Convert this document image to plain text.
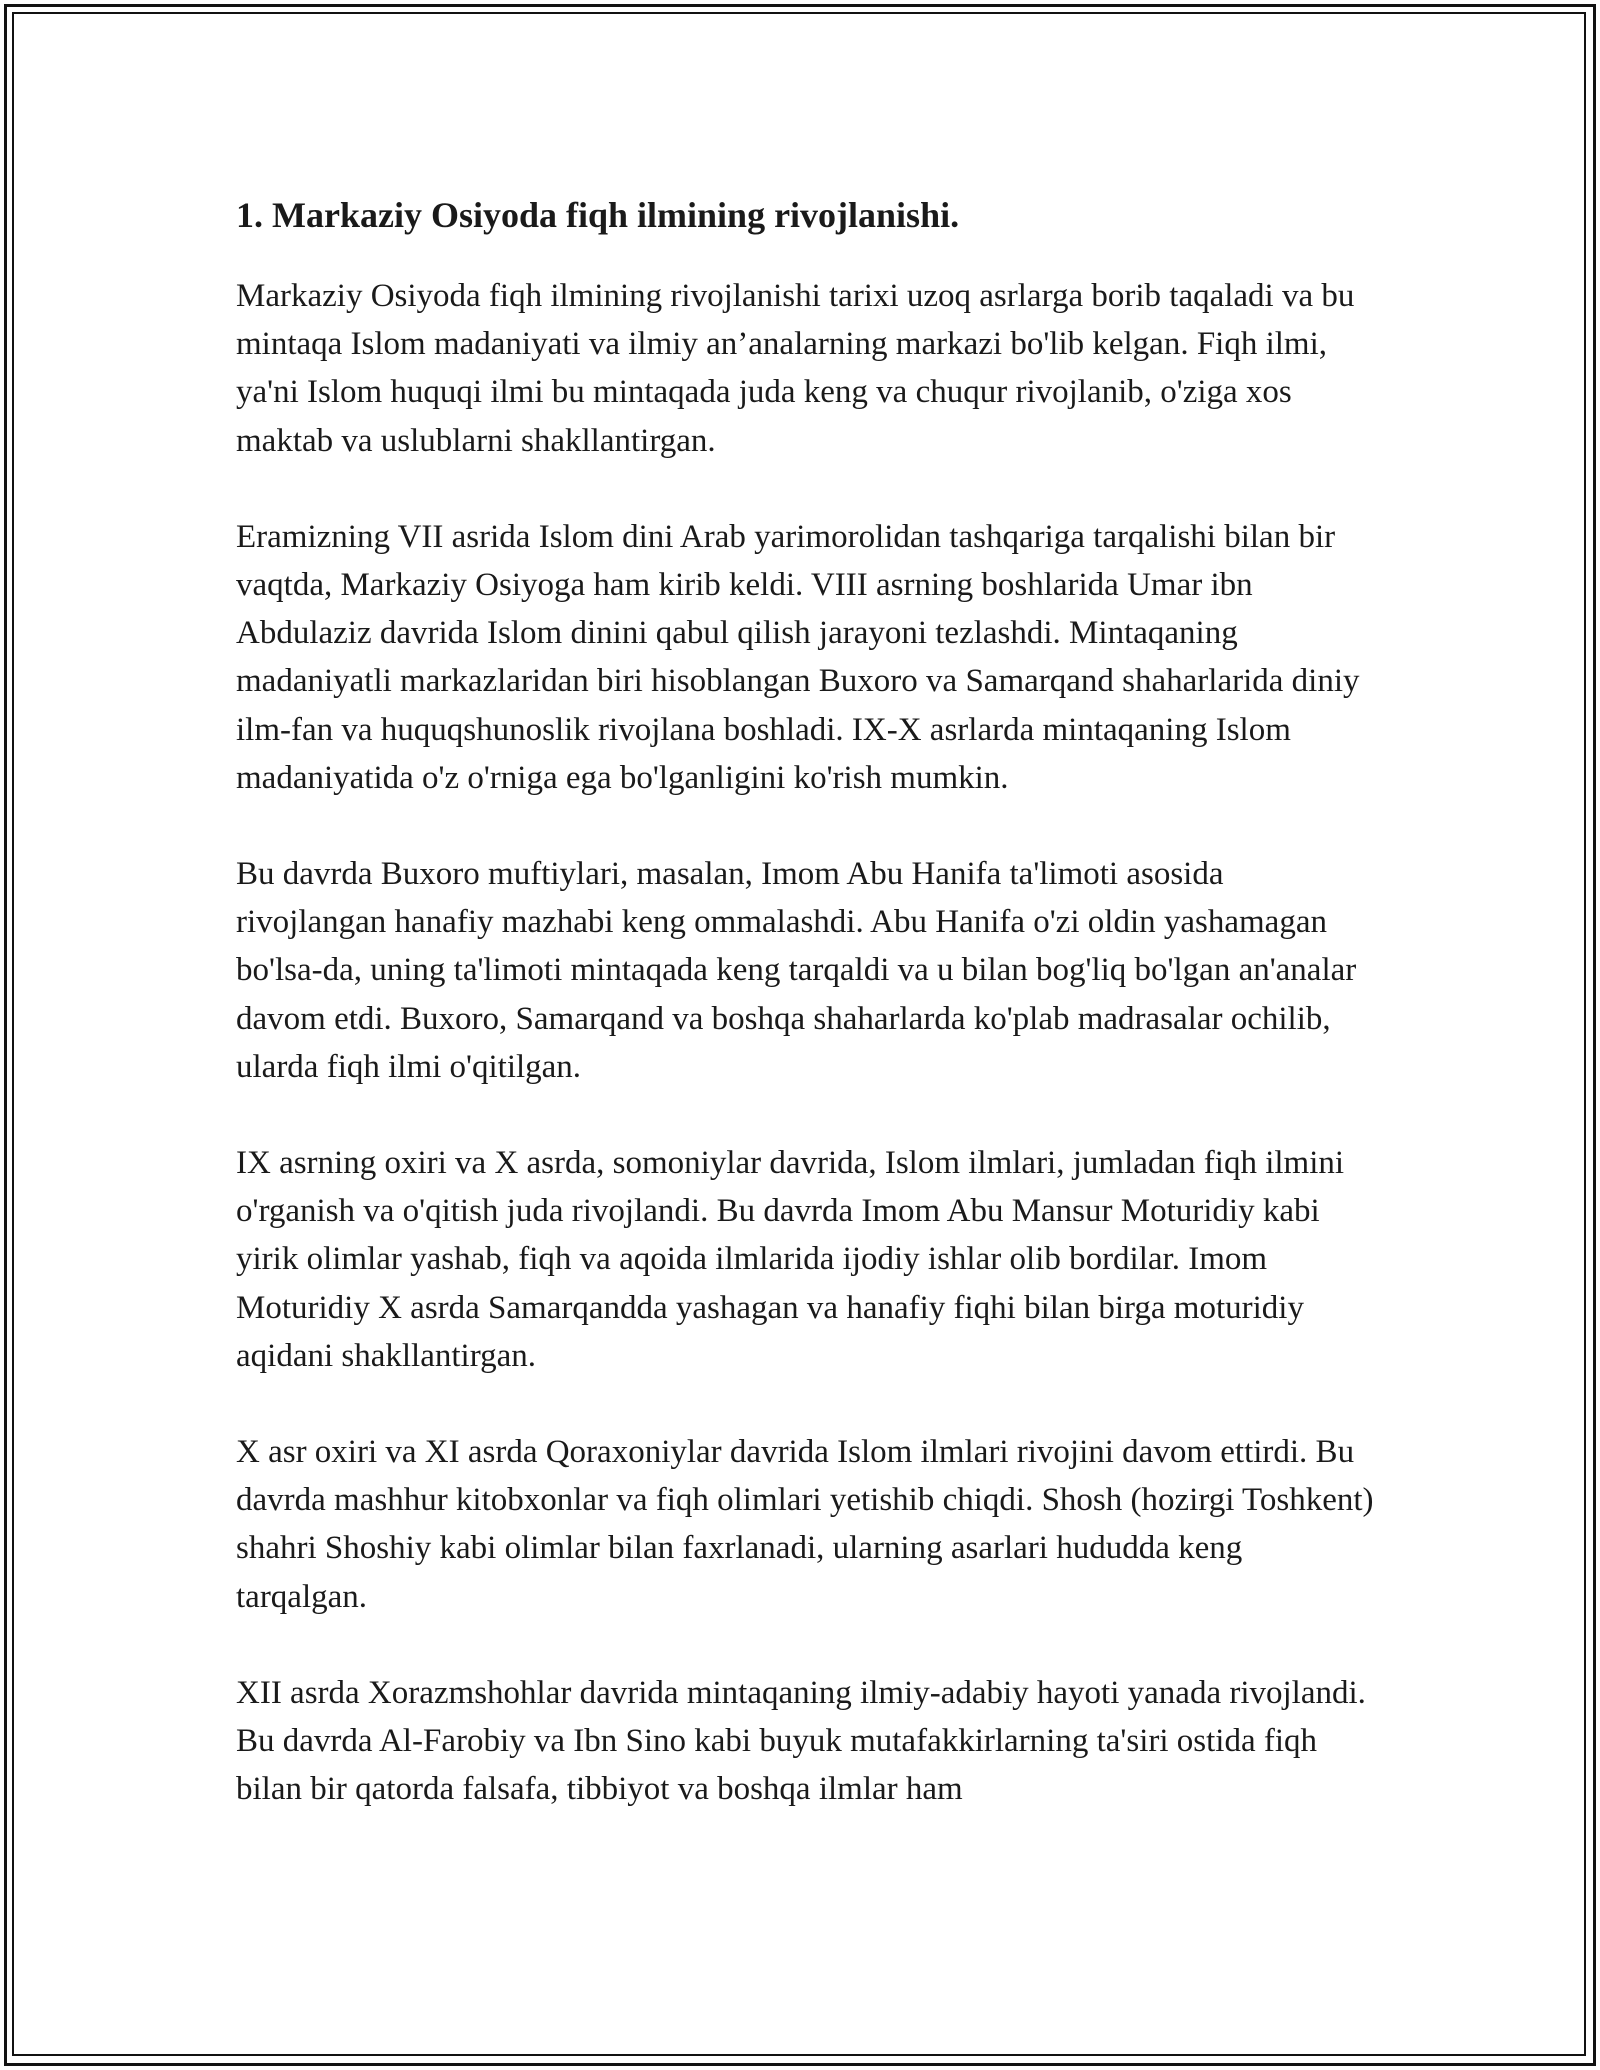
1. Markaziy Osiyoda fiqh ilmining rivojlanishi.

Markaziy Osiyoda fiqh ilmining rivojlanishi tarixi uzoq asrlarga borib taqaladi va bu mintaqa Islom madaniyati va ilmiy an’analarning markazi bo'lib kelgan. Fiqh ilmi, ya'ni Islom huquqi ilmi bu mintaqada juda keng va chuqur rivojlanib, o'ziga xos maktab va uslublarni shakllantirgan.

Eramizning VII asrida Islom dini Arab yarimorolidan tashqariga tarqalishi bilan bir vaqtda, Markaziy Osiyoga ham kirib keldi. VIII asrning boshlarida Umar ibn Abdulaziz davrida Islom dinini qabul qilish jarayoni tezlashdi. Mintaqaning madaniyatli markazlaridan biri hisoblangan Buxoro va Samarqand shaharlarida diniy ilm-fan va huquqshunoslik rivojlana boshladi. IX-X asrlarda mintaqaning Islom madaniyatida o'z o'rniga ega bo'lganligini ko'rish mumkin.

Bu davrda Buxoro muftiylari, masalan, Imom Abu Hanifa ta'limoti asosida rivojlangan hanafiy mazhabi keng ommalashdi. Abu Hanifa o'zi oldin yashamagan bo'lsa-da, uning ta'limoti mintaqada keng tarqaldi va u bilan bog'liq bo'lgan an'analar davom etdi. Buxoro, Samarqand va boshqa shaharlarda ko'plab madrasalar ochilib, ularda fiqh ilmi o'qitilgan.

IX asrning oxiri va X asrda, somoniylar davrida, Islom ilmlari, jumladan fiqh ilmini o'rganish va o'qitish juda rivojlandi. Bu davrda Imom Abu Mansur Moturidiy kabi yirik olimlar yashab, fiqh va aqoida ilmlarida ijodiy ishlar olib bordilar. Imom Moturidiy X asrda Samarqandda yashagan va hanafiy fiqhi bilan birga moturidiy aqidani shakllantirgan.

X asr oxiri va XI asrda Qoraxoniylar davrida Islom ilmlari rivojini davom ettirdi. Bu davrda mashhur kitobxonlar va fiqh olimlari yetishib chiqdi. Shosh (hozirgi Toshkent) shahri Shoshiy kabi olimlar bilan faxrlanadi, ularning asarlari hududda keng tarqalgan.

XII asrda Xorazmshohlar davrida mintaqaning ilmiy-adabiy hayoti yanada rivojlandi. Bu davrda Al-Farobiy va Ibn Sino kabi buyuk mutafakkirlarning ta'siri ostida fiqh bilan bir qatorda falsafa, tibbiyot va boshqa ilmlar ham
